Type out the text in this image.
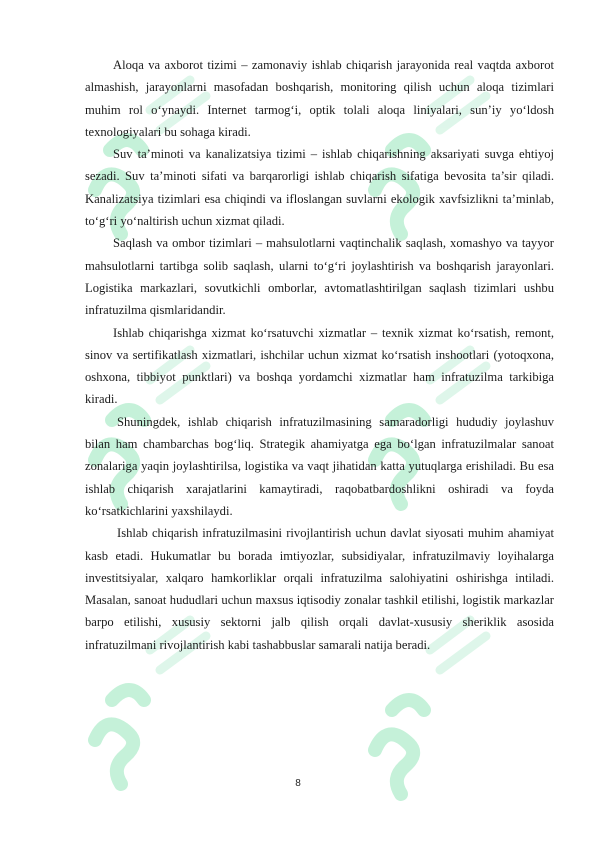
Aloqa va axborot tizimi – zamonaviy ishlab chiqarish jarayonida real vaqtda axborot almashish, jarayonlarni masofadan boshqarish, monitoring qilish uchun aloqa tizimlari muhim rol o‘ynaydi. Internet tarmog‘i, optik tolali aloqa liniyalari, sun’iy yo‘ldosh texnologiyalari bu sohaga kiradi.

Suv ta’minoti va kanalizatsiya tizimi – ishlab chiqarishning aksariyati suvga ehtiyoj sezadi. Suv ta’minoti sifati va barqarorligi ishlab chiqarish sifatiga bevosita ta’sir qiladi. Kanalizatsiya tizimlari esa chiqindi va ifloslangan suvlarni ekologik xavfsizlikni ta’minlab, to‘g‘ri yo‘naltirish uchun xizmat qiladi.

Saqlash va ombor tizimlari – mahsulotlarni vaqtinchalik saqlash, xomashyo va tayyor mahsulotlarni tartibga solib saqlash, ularni to‘g‘ri joylashtirish va boshqarish jarayonlari. Logistika markazlari, sovutkichli omborlar, avtomatlashtirilgan saqlash tizimlari ushbu infratuzilma qismlaridandir.

Ishlab chiqarishga xizmat ko‘rsatuvchi xizmatlar – texnik xizmat ko‘rsatish, remont, sinov va sertifikatlash xizmatlari, ishchilar uchun xizmat ko‘rsatish inshootlari (yotoqxona, oshxona, tibbiyot punktlari) va boshqa yordamchi xizmatlar ham infratuzilma tarkibiga kiradi.

Shuningdek, ishlab chiqarish infratuzilmasining samaradorligi hududiy joylashuv bilan ham chambarchas bog‘liq. Strategik ahamiyatga ega bo‘lgan infratuzilmalar sanoat zonalariga yaqin joylashtirilsa, logistika va vaqt jihatidan katta yutuqlarga erishiladi. Bu esa ishlab chiqarish xarajatlarini kamaytiradi, raqobatbardoshlikni oshiradi va foyda ko‘rsatkichlarini yaxshilaydi.

Ishlab chiqarish infratuzilmasini rivojlantirish uchun davlat siyosati muhim ahamiyat kasb etadi. Hukumatlar bu borada imtiyozlar, subsidiyalar, infratuzilmaviy loyihalarga investitsiyalar, xalqaro hamkorliklar orqali infratuzilma salohiyatini oshirishga intiladi. Masalan, sanoat hududlari uchun maxsus iqtisodiy zonalar tashkil etilishi, logistik markazlar barpo etilishi, xususiy sektorni jalb qilish orqali davlat-xususiy sheriklik asosida infratuzilmani rivojlantirish kabi tashabbuslar samarali natija beradi.

8
